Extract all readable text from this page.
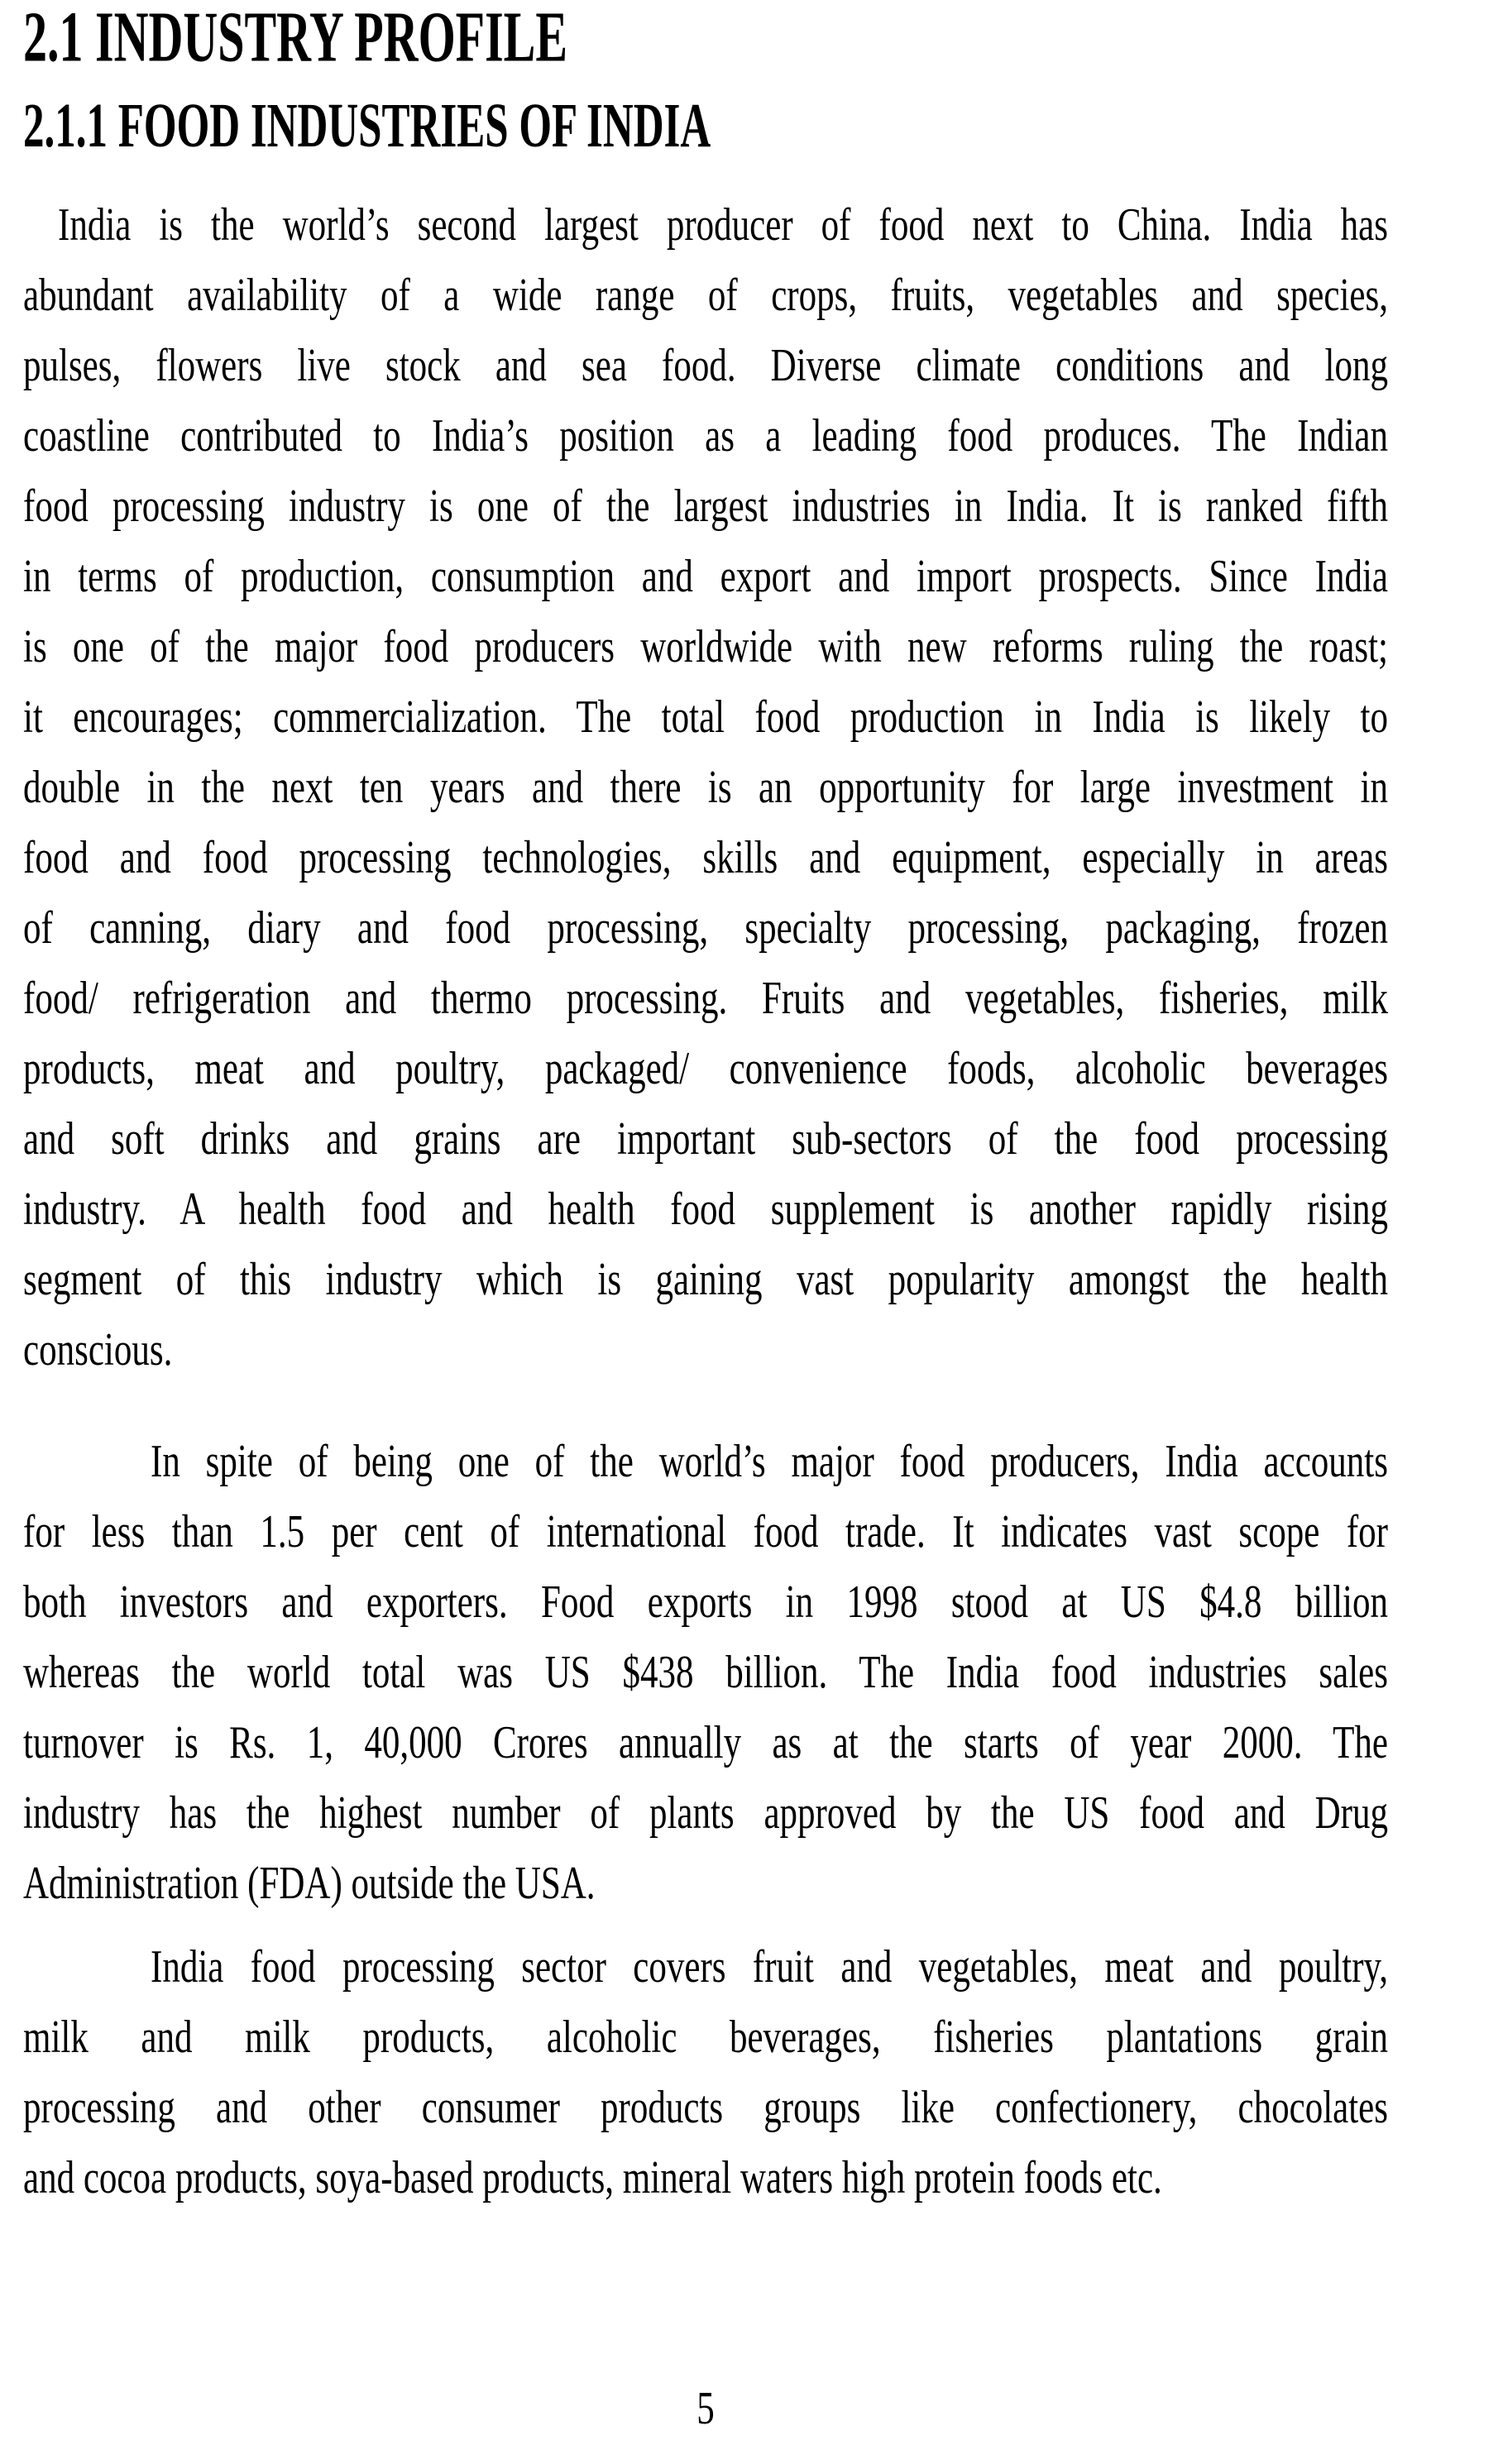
2.1 INDUSTRY PROFILE
2.1.1 FOOD INDUSTRIES OF INDIA
India is the world’s second largest producer of food next to China. India has
abundant availability of a wide range of crops, fruits, vegetables and species,
pulses, flowers live stock and sea food. Diverse climate conditions and long
coastline contributed to India’s position as a leading food produces. The Indian
food processing industry is one of the largest industries in India. It is ranked fifth
in terms of production, consumption and export and import prospects. Since India
is one of the major food producers worldwide with new reforms ruling the roast;
it encourages; commercialization. The total food production in India is likely to
double in the next ten years and there is an opportunity for large investment in
food and food processing technologies, skills and equipment, especially in areas
of canning, diary and food processing, specialty processing, packaging, frozen
food/ refrigeration and thermo processing. Fruits and vegetables, fisheries, milk
products, meat and poultry, packaged/ convenience foods, alcoholic beverages
and soft drinks and grains are important sub-sectors of the food processing
industry. A health food and health food supplement is another rapidly rising
segment of this industry which is gaining vast popularity amongst the health
conscious.
In spite of being one of the world’s major food producers, India accounts
for less than 1.5 per cent of international food trade. It indicates vast scope for
both investors and exporters. Food exports in 1998 stood at US $4.8 billion
whereas the world total was US $438 billion. The India food industries sales
turnover is Rs. 1, 40,000 Crores annually as at the starts of year 2000. The
industry has the highest number of plants approved by the US food and Drug
Administration (FDA) outside the USA.
India food processing sector covers fruit and vegetables, meat and poultry,
milk and milk products, alcoholic beverages, fisheries plantations grain
processing and other consumer products groups like confectionery, chocolates
and cocoa products, soya-based products, mineral waters high protein foods etc.
5
